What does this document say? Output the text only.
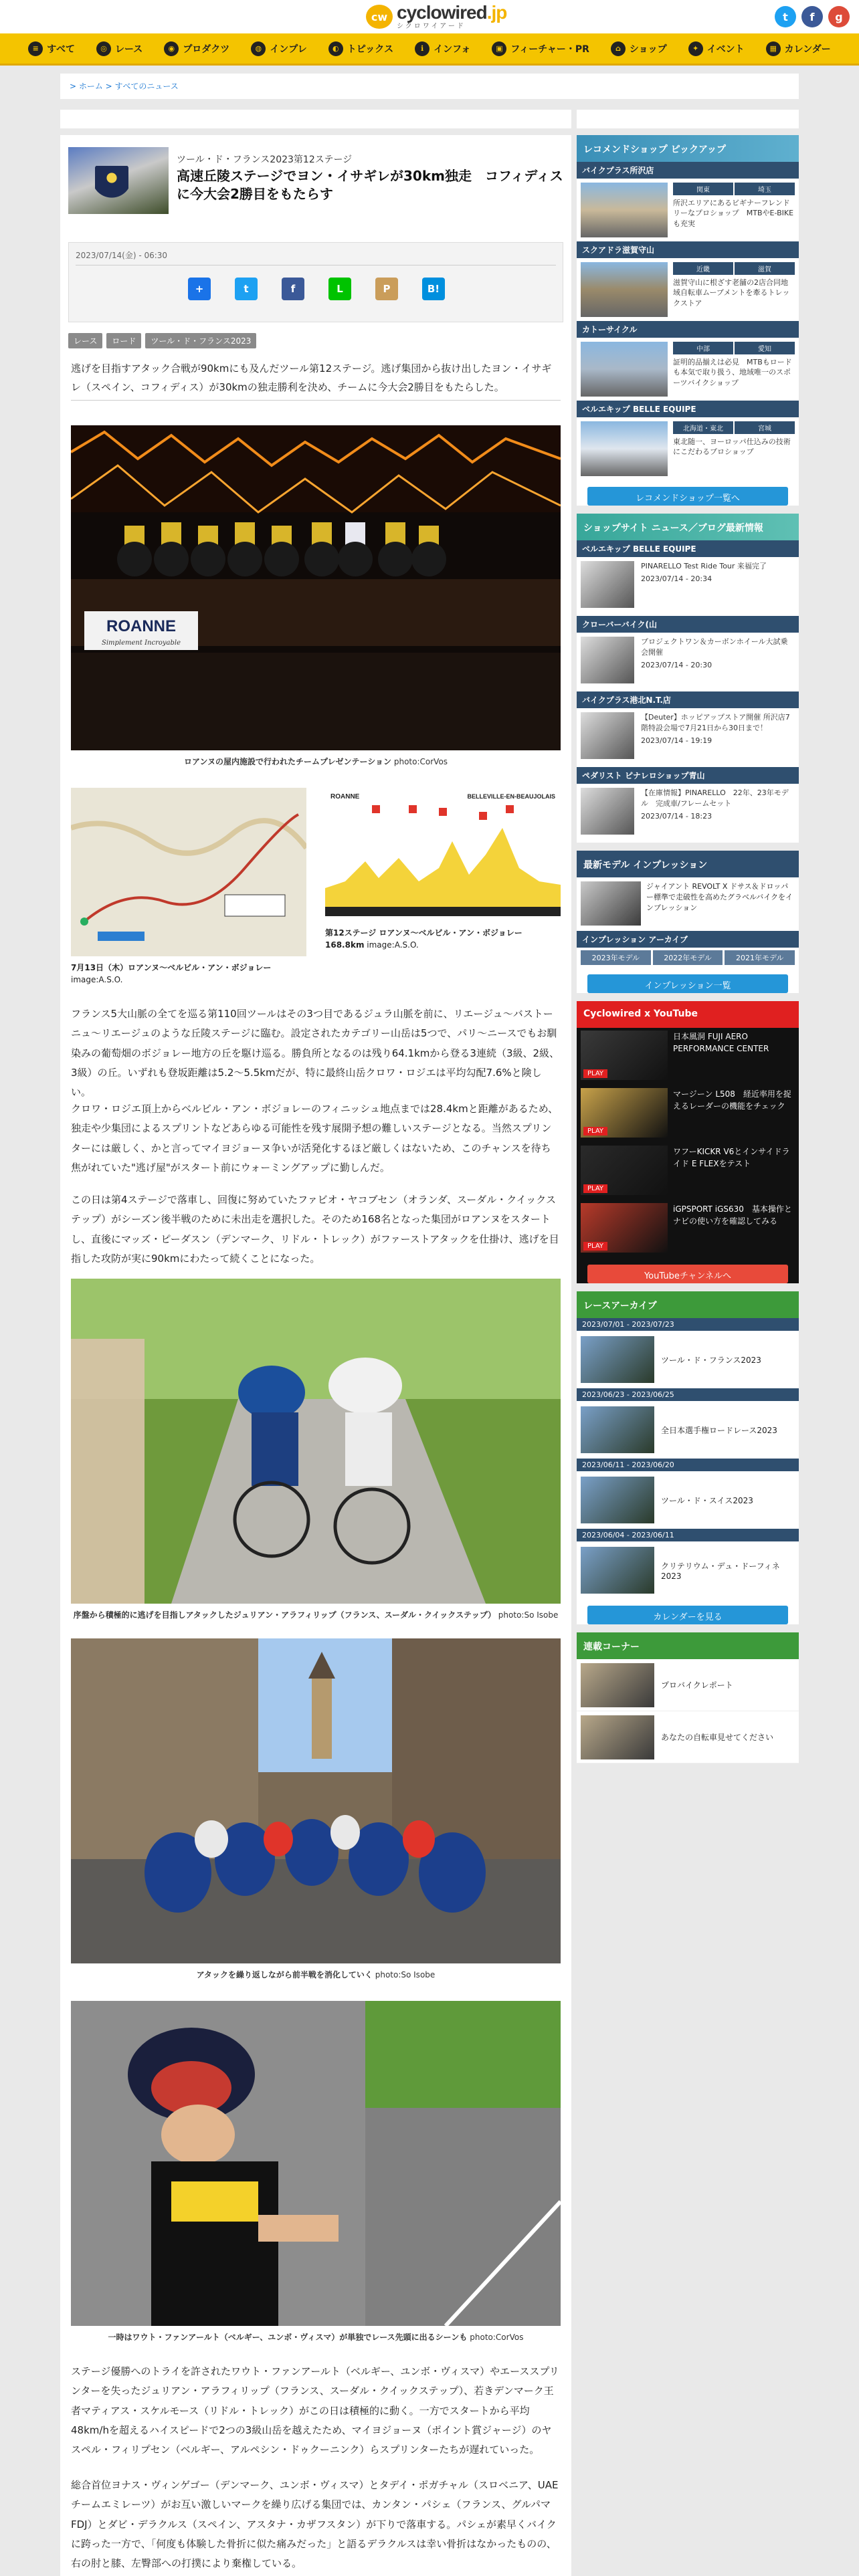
cw cyclowired.jp
シクロワイアード
t	f	g
≡ すべて	◎ レース	◉ プロダクツ	◍ インプレ	◐ トピックス	ℹ	インフォ	▣ フィーチャー・PR	⌂ ショップ	✦ イベント	▦ カレンダー
> ホーム > すべてのニュース
ツール・ド・フランス2023第12ステージ
高速丘陵ステージでヨン・イサギレが30km独走　コフィディスに今大会2勝目をもたらす
2023/07/14(金) - 06:30
+	t	f	L	P	B!
レース	ロード	ツール・ド・フランス2023
逃げを目指すアタック合戦が90kmにも及んだツール第12ステージ。逃げ集団から抜け出したヨン・イサギレ（スペイン、コフィディス）が30kmの独走勝利を決め、チームに今大会2勝目をもたらした。
ROANNE
Simplement Incroyable
ロアンヌの屋内施設で行われたチームプレゼンテーション photo:CorVos
7月13日（木）ロアンヌ〜ベルビル・アン・ボジョレー image:A.S.O.
ROANNE	BELLEVILLE-EN-BEAUJOLAIS
第12ステージ ロアンヌ〜ベルビル・アン・ボジョレー 168.8km image:A.S.O.
フランス5大山脈の全てを巡る第110回ツールはその3つ目であるジュラ山脈を前に、リエージュ〜バストーニュ〜リエージュのような丘陵ステージに臨む。設定されたカテゴリー山岳は5つで、パリ〜ニースでもお馴染みの葡萄畑のボジョレー地方の丘を駆け巡る。勝負所となるのは残り64.1kmから登る3連続（3級、2級、3級）の丘。いずれも登坂距離は5.2〜5.5kmだが、特に最終山岳クロワ・ロジエは平均勾配7.6%と険しい。
クロワ・ロジエ頂上からベルビル・アン・ボジョレーのフィニッシュ地点までは28.4kmと距離があるため、独走や少集団によるスプリントなどあらゆる可能性を残す展開予想の難しいステージとなる。当然スプリンターには厳しく、かと言ってマイヨジョーヌ争いが活発化するほど厳しくはないため、このチャンスを待ち焦がれていた"逃げ屋"がスタート前にウォーミングアップに勤しんだ。
この日は第4ステージで落車し、回復に努めていたファビオ・ヤコブセン（オランダ、スーダル・クイックステップ）がシーズン後半戦のために未出走を選択した。そのため168名となった集団がロアンヌをスタートし、直後にマッズ・ピーダスン（デンマーク、リドル・トレック）がファーストアタックを仕掛け、逃げを目指した攻防が実に90kmにわたって続くことになった。
序盤から積極的に逃げを目指しアタックしたジュリアン・アラフィリップ（フランス、スーダル・クイックステップ） photo:So Isobe
アタックを繰り返しながら前半戦を消化していく photo:So Isobe
一時はワウト・ファンアールト（ベルギー、ユンボ・ヴィスマ）が単独でレース先頭に出るシーンも photo:CorVos
ステージ優勝へのトライを許されたワウト・ファンアールト（ベルギー、ユンボ・ヴィスマ）やエーススプリンターを失ったジュリアン・アラフィリップ（フランス、スーダル・クイックステップ）、若きデンマーク王者マティアス・スケルモース（リドル・トレック）がこの日は積極的に動く。一方でスタートから平均48km/hを超えるハイスピードで2つの3級山岳を越えたため、マイヨジョーヌ（ポイント賞ジャージ）のヤスペル・フィリプセン（ベルギー、アルペシン・ドゥクーニンク）らスプリンターたちが遅れていった。
総合首位ヨナス・ヴィンゲゴー（デンマーク、ユンボ・ヴィスマ）とタデイ・ポガチャル（スロベニア、UAEチームエミレーツ）がお互い激しいマークを繰り広げる集団では、カンタン・パシェ（フランス、グルパマFDJ）とダビ・デラクルス（スペイン、アスタナ・カザフスタン）が下りで落車する。パシェが素早くバイクに跨った一方で、「何度も体験した骨折に似た痛みだった」と語るデラクルスは幸い骨折はなかったものの、右の肘と膝、左臀部への打撲により棄権している。
レコメンドショップ ピックアップ
バイクプラス所沢店
関東	埼玉
所沢エリアにあるビギナーフレンドリーなプロショップ　MTBやE-BIKEも充実
スクアドラ滋賀守山
近畿	滋賀
滋賀守山に根ざす老舗の2店合同地域自転車ムーブメントを牽るトレックストア
カトーサイクル
中部	愛知
証明的品揃えは必見　MTBもロードも本気で取り扱う、地域唯一のスポーツバイクショップ
ベルエキップ BELLE EQUIPE
北海道・東北	宮城
東北随一、ヨーロッパ仕込みの技術にこだわるプロショップ
レコメンドショップ一覧へ
ショップサイト ニュース／ブログ最新情報
ベルエキップ BELLE EQUIPE
PINARELLO Test Ride Tour 来福完了
2023/07/14 - 20:34
クローバーバイク(山
プロジェクトワン＆カーボンホイール大試乗会開催
2023/07/14 - 20:30
バイクプラス港北N.T.店
【Deuter】ホッピアップストア開催 所沢店7階特設会場で7月21日から30日まで！
2023/07/14 - 19:19
ペダリスト ピナレロショップ青山
【在庫情報】PINARELLO　22年、23年モデル　完成車/フレームセット
2023/07/14 - 18:23
最新モデル インプレッション
ジャイアント REVOLT X ドサス＆ドロッパー標準で走破性を高めたグラベルバイクをインプレッション
インプレッション アーカイブ
2023年モデル	2022年モデル	2021年モデル
インプレッション一覧
Cyclowired x YouTube
PLAY
日本風洞 FUJI AERO PERFORMANCE CENTER
PLAY
マージーン L508　経近率用を捉えるレーダーの機能をチェック
PLAY
ワフーKICKR V6とインサイドライド E FLEXをテスト
PLAY
iGPSPORT iGS630　基本操作とナビの使い方を確認してみる
YouTubeチャンネルへ
レースアーカイブ
2023/07/01 - 2023/07/23
ツール・ド・フランス2023
2023/06/23 - 2023/06/25
全日本選手権ロードレース2023
2023/06/11 - 2023/06/20
ツール・ド・スイス2023
2023/06/04 - 2023/06/11
クリテリウム・デュ・ドーフィネ2023
カレンダーを見る
連載コーナー
プロバイクレポート
あなたの自転車見せてください
